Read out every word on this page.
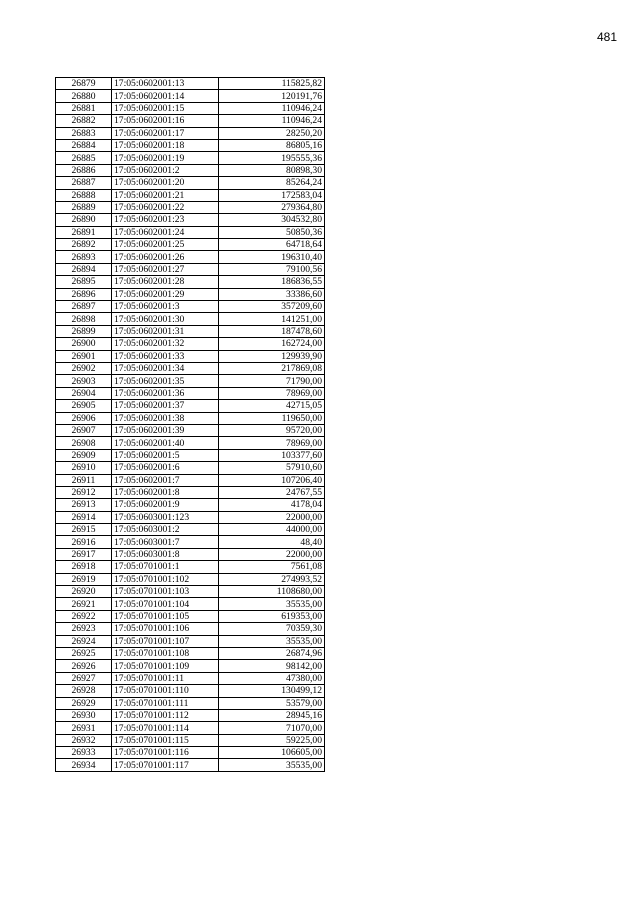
481
26879	17:05:0602001:13	115825,82
26880	17:05:0602001:14	120191,76
26881	17:05:0602001:15	110946,24
26882	17:05:0602001:16	110946,24
26883	17:05:0602001:17	28250,20
26884	17:05:0602001:18	86805,16
26885	17:05:0602001:19	195555,36
26886	17:05:0602001:2	80898,30
26887	17:05:0602001:20	85264,24
26888	17:05:0602001:21	172583,04
26889	17:05:0602001:22	279364,80
26890	17:05:0602001:23	304532,80
26891	17:05:0602001:24	50850,36
26892	17:05:0602001:25	64718,64
26893	17:05:0602001:26	196310,40
26894	17:05:0602001:27	79100,56
26895	17:05:0602001:28	186836,55
26896	17:05:0602001:29	33386,60
26897	17:05:0602001:3	357209,60
26898	17:05:0602001:30	141251,00
26899	17:05:0602001:31	187478,60
26900	17:05:0602001:32	162724,00
26901	17:05:0602001:33	129939,90
26902	17:05:0602001:34	217869,08
26903	17:05:0602001:35	71790,00
26904	17:05:0602001:36	78969,00
26905	17:05:0602001:37	42715,05
26906	17:05:0602001:38	119650,00
26907	17:05:0602001:39	95720,00
26908	17:05:0602001:40	78969,00
26909	17:05:0602001:5	103377,60
26910	17:05:0602001:6	57910,60
26911	17:05:0602001:7	107206,40
26912	17:05:0602001:8	24767,55
26913	17:05:0602001:9	4178,04
26914	17:05:0603001:123	22000,00
26915	17:05:0603001:2	44000,00
26916	17:05:0603001:7	48,40
26917	17:05:0603001:8	22000,00
26918	17:05:0701001:1	7561,08
26919	17:05:0701001:102	274993,52
26920	17:05:0701001:103	1108680,00
26921	17:05:0701001:104	35535,00
26922	17:05:0701001:105	619353,00
26923	17:05:0701001:106	70359,30
26924	17:05:0701001:107	35535,00
26925	17:05:0701001:108	26874,96
26926	17:05:0701001:109	98142,00
26927	17:05:0701001:11	47380,00
26928	17:05:0701001:110	130499,12
26929	17:05:0701001:111	53579,00
26930	17:05:0701001:112	28945,16
26931	17:05:0701001:114	71070,00
26932	17:05:0701001:115	59225,00
26933	17:05:0701001:116	106605,00
26934	17:05:0701001:117	35535,00
